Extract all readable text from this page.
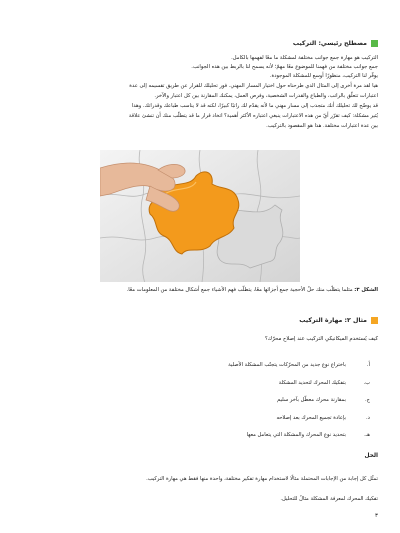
مصطلح رئيسي: التركيب
التركيب هو مهارة جمع جوانب مختلفة لمشكلة ما معًا لفهمها بالكامل.
جمع جوانب مختلفة من فهمنا للموضوع معًا مهمّ؛ لأنه يسمح لنا بالربط بين هذه الجوانب.
يوفّر لنا التركيب، منظورًا أوسع للمشكلة الموجودة.
هيا لقد مرة أخرى إلى المثال الذي طرحناه حول اختيار المسار المهني. فور تحليلك للقرار عن طريق تقسيمه إلى عدة
اعتبارات تتعلّق بالراتب، والطباع والقدرات الشخصية، وفرص العمل، يمكنك المقارنة بين كل اعتبار والآخر.
قد يوضّح لك تحليلك أنك متجذب إلى مسار مهني ما لأنه يقدّم لك راتبًا كبيرًا، لكنه قد لا يناسب طباعك وقدراتك. وهذا
يُثير مشكلة: كيف تقرّر أيّ من هذه الاعتبارات ينبغي اعتباره الأكثر أهمية؟ اتخاذ قرار ما قد يتطلّب منك أن تنشئ علاقة
بين عدة اعتبارات مختلفة. هذا هو المقصود بالتركيب.
الشكل ٣: مثلما يتطلّب منك حلّ الأحجية جمع أجزائها معًا، يتطلّب فهم الأشياء جمع أشكال مختلفة من المعلومات معًا.
مثال ٢: مهارة التركيب
كيف يُستخدم الميكانيكي التركيب عند إصلاح محرّك؟
أ.
باختراع نوع جديد من المحرّكات يتجنّب المشكلة الأصلية
ب.
بتفكيك المحرك لتحديد المشكلة
ج.
بمقارنة محرك معطّل بآخر سليم
د.
بإعادة تجميع المحرك بعد إصلاحه
هـ.
بتحديد نوع المحرك والمشكلة التي يتعامل معها
الحل
تمثّل كل إجابة من الإجابات المحتملة مثالًا لاستخدام مهارة تفكير مختلفة، واحدة منها فقط هي مهارة التركيب.
تفكيك المحرك لمعرفة المشكلة مثالٌ للتحليل.
٣
